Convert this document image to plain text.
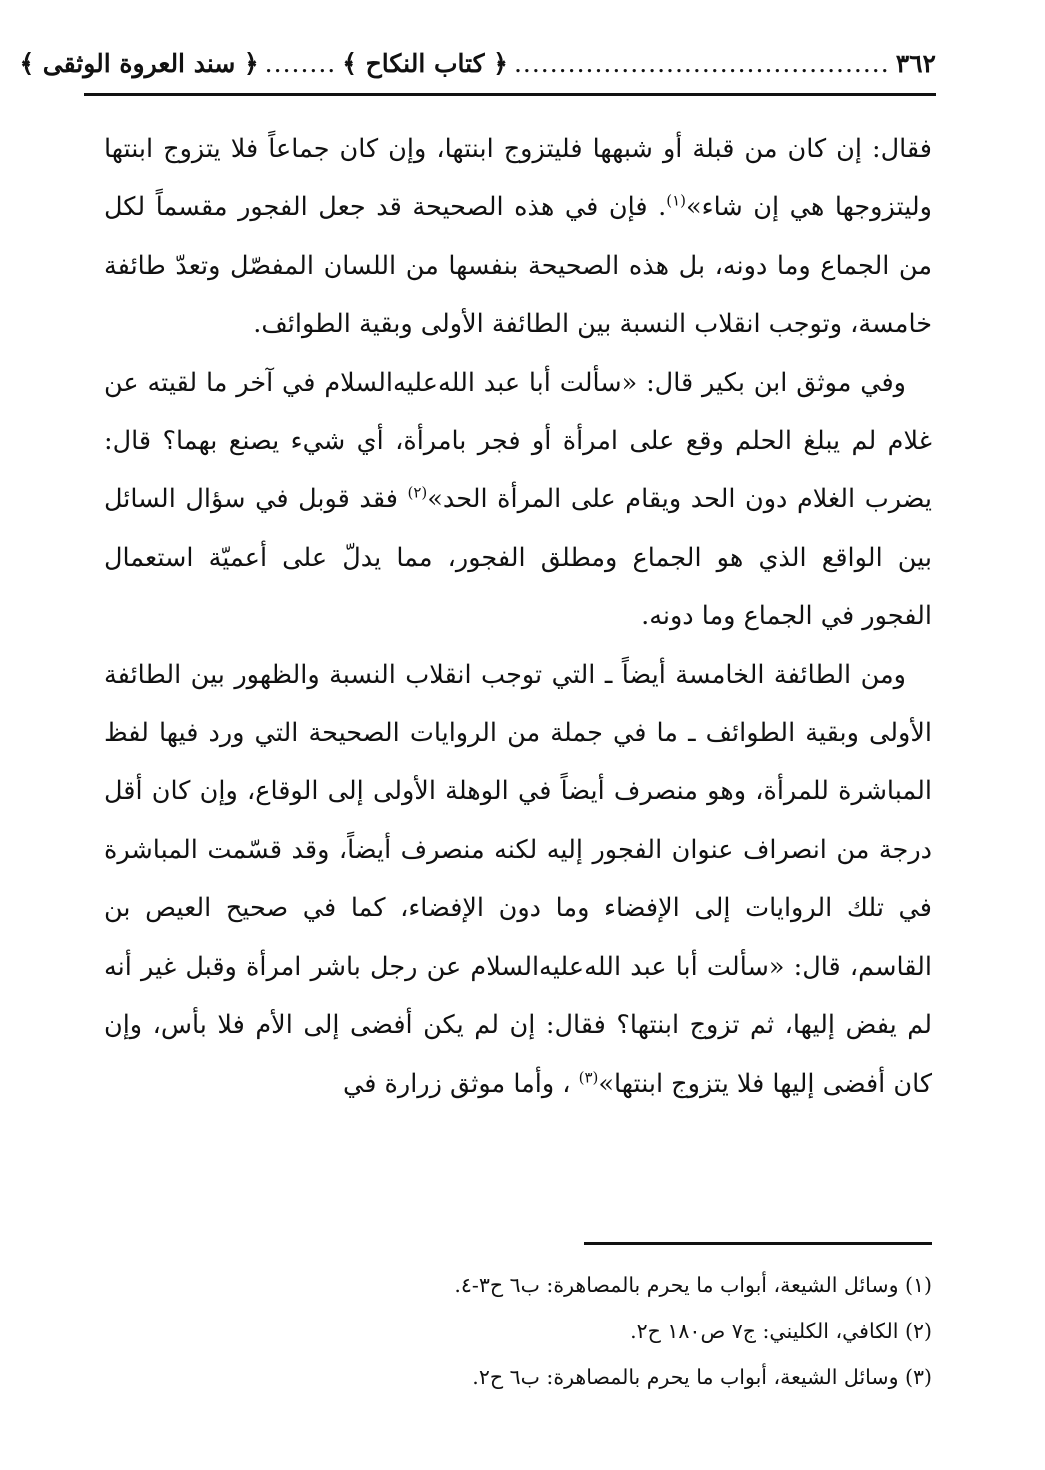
٣٦٢
..........................................
﴿ كتاب النكاح ﴾
........
﴿ سند العروة الوثقى ﴾

فقال: إن كان من قبلة أو شبهها فليتزوج ابنتها، وإن كان جماعاً فلا يتزوج ابنتها وليتزوجها هي إن شاء»$^{(١)}$. فإن في هذه الصحيحة قد جعل الفجور مقسماً لكل من الجماع وما دونه، بل هذه الصحيحة بنفسها من اللسان المفصّل وتعدّ طائفة خامسة، وتوجب انقلاب النسبة بين الطائفة الأولى وبقية الطوائف.

وفي موثق ابن بكير قال: «سألت أبا عبد الله‌عليه‌السلام في آخر ما لقيته عن غلام لم يبلغ الحلم وقع على امرأة أو فجر بامرأة، أي شيء يصنع بهما؟ قال: يضرب الغلام دون الحد ويقام على المرأة الحد»$^{(٢)}$ فقد قوبل في سؤال السائل بين الواقع الذي هو الجماع ومطلق الفجور، مما يدلّ على أعميّة استعمال الفجور في الجماع وما دونه.

ومن الطائفة الخامسة أيضاً ـ التي توجب انقلاب النسبة والظهور بين الطائفة الأولى وبقية الطوائف ـ ما في جملة من الروايات الصحيحة التي ورد فيها لفظ المباشرة للمرأة، وهو منصرف أيضاً في الوهلة الأولى إلى الوقاع، وإن كان أقل درجة من انصراف عنوان الفجور إليه لكنه منصرف أيضاً، وقد قسّمت المباشرة في تلك الروايات إلى الإفضاء وما دون الإفضاء، كما في صحيح العيص بن القاسم، قال: «سألت أبا عبد الله‌عليه‌السلام عن رجل باشر امرأة وقبل غير أنه لم يفض إليها، ثم تزوج ابنتها؟ فقال: إن لم يكن أفضى إلى الأم فلا بأس، وإن كان أفضى إليها فلا يتزوج ابنتها»$^{(٣)}$ ، وأما موثق زرارة في

(١) وسائل الشيعة، أبواب ما يحرم بالمصاهرة: ب٦ ح٣-٤.
(٢) الكافي، الكليني: ج٧ ص١٨٠ ح٢.
(٣) وسائل الشيعة، أبواب ما يحرم بالمصاهرة: ب٦ ح٢.
